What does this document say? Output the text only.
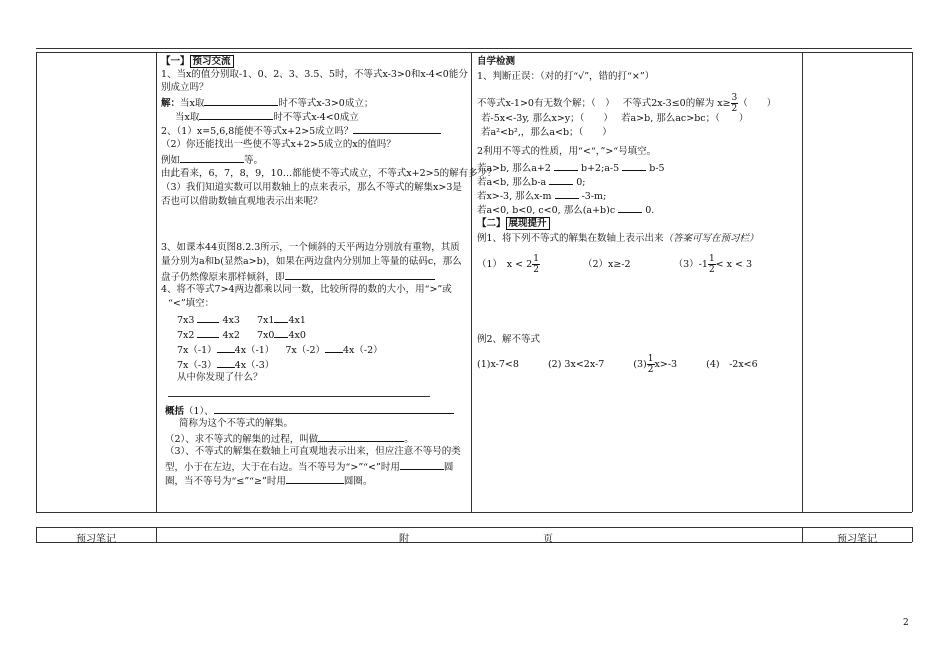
【一】 预习交流
1、当x的值分别取-1、0、2、3、3.5、5时，不等式x-3>0和x-4<0能分
别成立吗？
解：当x取	时不等式x-3>0成立；
当x取	时不等式x-4<0成立
2、（1）x=5,6,8能使不等式x+2>5成立吗？
（2）你还能找出一些使不等式x+2>5成立的x的值吗？
例如	等。
由此看来，6，7，8，9，10…都能使不等式成立，不等式x+2>5的解有多少？
（3）我们知道实数可以用数轴上的点来表示，那么不等式的解集x>3是
否也可以借助数轴直观地表示出来呢？
3、如课本44页图8.2.3所示，一个倾斜的天平两边分别放有重物，其质
量分别为a和b(显然a>b)，如果在两边盘内分别加上等量的砝码c，那么
盘子仍然像原来那样倾斜，即
4、将不等式7>4两边都乘以同一数，比较所得的数的大小，用“>”或
“<”填空：
7x3	4x3 7x1 4x1
7x2	4x2 7x0 4x0
7x（-1） 4x（-1） 7x（-2） 4x（-2）
7x（-3） 4x（-3）
从中你发现了什么？
概括（1）、
简称为这个不等式的解集。
（2）、求不等式的解集的过程，叫做	。
（3）、不等式的解集在数轴上可直观地表示出来，但应注意不等号的类
型，小于在左边，大于在右边。当不等号为“>”“<”时用	圆
圈，当不等号为“≤”“≥”时用	圆圈。
自学检测
1、判断正误：（对的打“√”，错的打“×”）
不等式x-1>0有无数个解；（　） 不等式2x-3≤0的解为 $x\ge \frac{3}{2}$ （　　）
若-5x<-3y, 那么x>y；（　　） 若a>b, 那么ac>bc；（　　）
若a²<b²,，那么a<b；（　　）
2利用不等式的性质，用“<“，”>“号填空。
若a>b, 那么a+2	b+2;a-5	b-5
若a<b, 那么b-a	0;
若x>-3, 那么x-m	-3-m;
若a<0, b<0, c<0, 那么(a+b)c	0.
【二】 展现提升
例1、将下列不等式的解集在数轴上表示出来（答案可写在预习栏）
（1）　$x < 2 \frac{1}{2}$	（2）x≥-2	$(3)-1 \frac{1}{2} < x < 3$
例2、解不等式
(1)x-7<8	(2) 3x<2x-7	$(3) \frac{1}{2} x>-3$	(4)　-2x<6
预习笔记	附	页	预习笔记
2
